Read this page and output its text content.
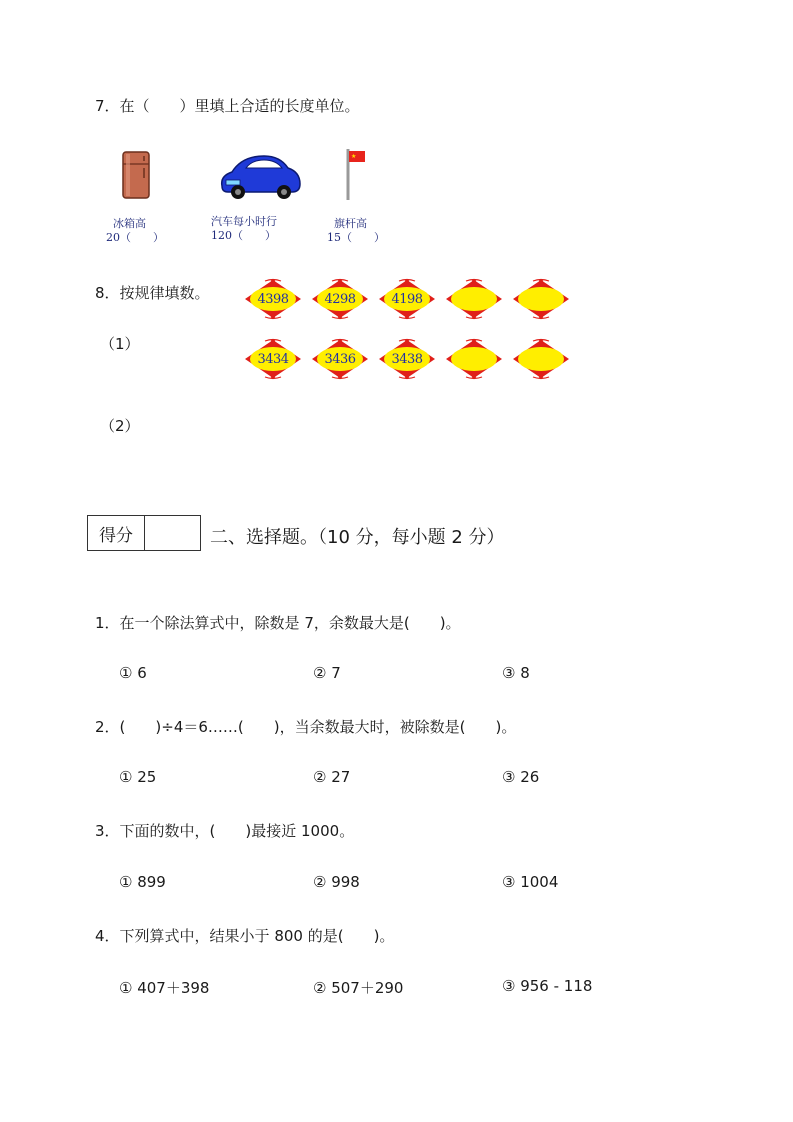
7．在（　　）里填上合适的长度单位。
冰箱高
20（　　）
汽车每小时行
120（　　）
★
旗杆高
15（　　）
8．按规律填数。
（1）
（2）
4398	4298	4198
3434	3436	3438
得分	二、选择题。（10 分，每小题 2 分）
1．在一个除法算式中，除数是 7，余数最大是(　　)。
① 6	② 7	③ 8
2．(　　)÷4＝6……(　　)，当余数最大时，被除数是(　　)。
① 25	② 27	③ 26
3．下面的数中，(　　)最接近 1000。
① 899	② 998	③ 1004
4．下列算式中，结果小于 800 的是(　　)。
① 407＋398	② 507＋290	③ 956 - 118
